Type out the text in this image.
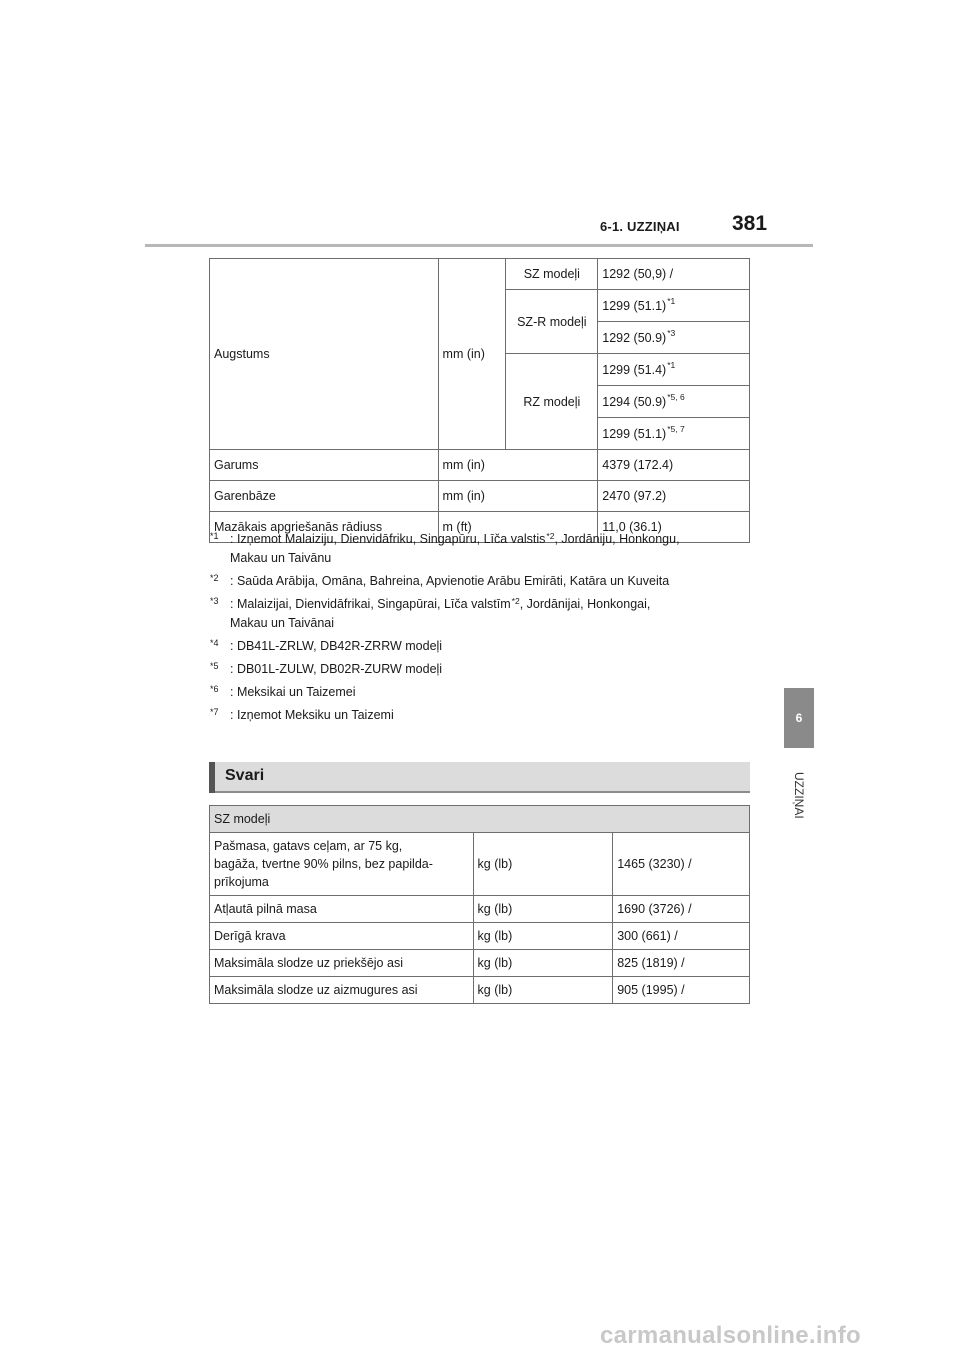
6-1. UZZIŅAI 381
6
UZZIŅAI
Augstums	mm (in)	SZ modeļi	1292 (50,9) /
		SZ-R modeļi	1299 $(51.1)^{*1}$
			1292 $(50.9)^{*3}$
		RZ modeļi	1299 $(51.4)^{*1}$
			1294 $(50.9)^{*5, 6}$
			1299 $(51.1)^{*5, 7}$
Garums	mm (in)		4379 (172.4)
Garenbāze	mm (in)		2470 (97.2)
Mazākais apgriešanās rādiuss	m (ft)		11,0 (36.1)
*1 : Izņemot Malaiziju, Dienvidāfriku, Singapūru, Līča valstis$^{*2}$, Jordāniju, Honkongu,
Makau un Taivānu
*2 : Saūda Arābija, Omāna, Bahreina, Apvienotie Arābu Emirāti, Katāra un Kuveita
*3 : Malaizijai, Dienvidāfrikai, Singapūrai, Līča valstīm$^{*2}$, Jordānijai, Honkongai,
Makau un Taivānai
*4 : DB41L-ZRLW, DB42R-ZRRW modeļi
*5 : DB01L-ZULW, DB02R-ZURW modeļi
*6 : Meksikai un Taizemei
*7 : Izņemot Meksiku un Taizemi
Svari
SZ modeļi		
Pašmasa, gatavs ceļam, ar 75 kg,
bagāža, tvertne 90% pilns, bez papilda-
prīkojuma	kg (lb)	1465 (3230) /
Atļautā pilnā masa	kg (lb)	1690 (3726) /
Derīgā krava	kg (lb)	300 (661) /
Maksimāla slodze uz priekšējo asi	kg (lb)	825 (1819) /
Maksimāla slodze uz aizmugures asi	kg (lb)	905 (1995) /
carmanualsonline.info
